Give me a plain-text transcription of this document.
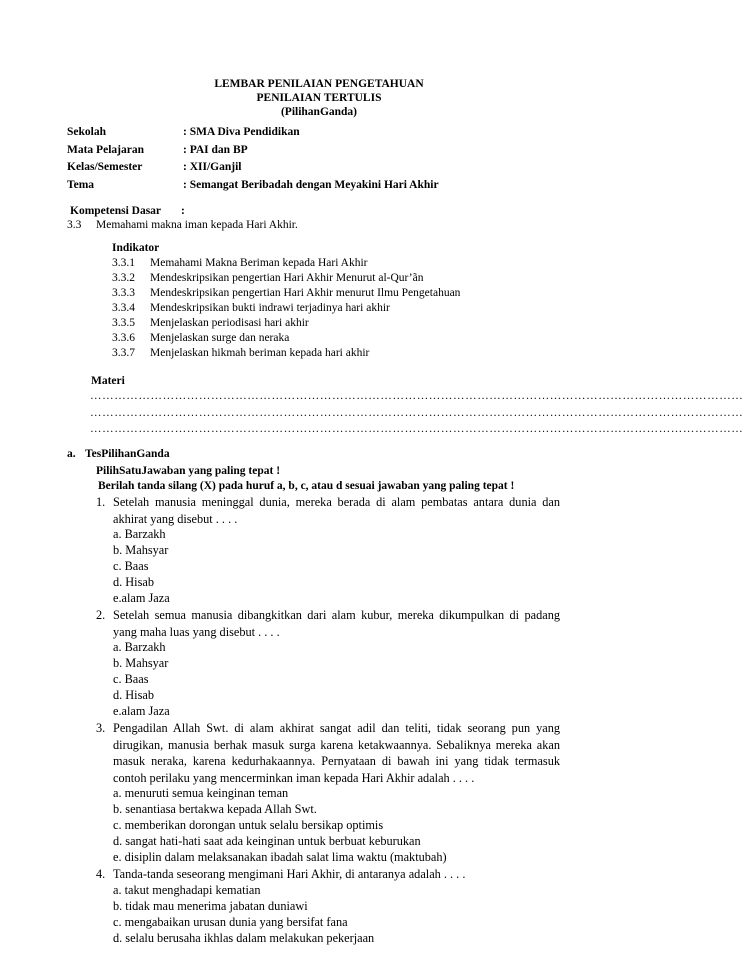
LEMBAR PENILAIAN PENGETAHUAN
PENILAIAN TERTULIS
(PilihanGanda)
Sekolah	: SMA Diva Pendidikan
Mata Pelajaran	: PAI dan BP
Kelas/Semester	: XII/Ganjil
Tema	: Semangat Beribadah dengan Meyakini Hari Akhir
Kompetensi Dasar :
3.3 Memahami makna iman kepada Hari Akhir.
Indikator
3.3.1 Memahami Makna Beriman kepada Hari Akhir
3.3.2 Mendeskripsikan pengertian Hari Akhir Menurut al-Qur’ãn
3.3.3 Mendeskripsikan pengertian Hari Akhir menurut Ilmu Pengetahuan
3.3.4 Mendeskripsikan bukti indrawi terjadinya hari akhir
3.3.5 Menjelaskan periodisasi hari akhir
3.3.6 Menjelaskan surge dan neraka
3.3.7 Menjelaskan hikmah beriman kepada hari akhir
Materi
………………………………………………………………………………………………………………………………………………
………………………………………………………………………………………………………………………………………………
………………………………………………………………………………………………………………………………………………
a. TesPilihanGanda
PilihSatuJawaban yang paling tepat !
Berilah tanda silang (X) pada huruf a, b, c, atau d sesuai jawaban yang paling tepat !
1. Setelah manusia meninggal dunia, mereka berada di alam pembatas antara dunia dan akhirat yang disebut . . . .
a. Barzakh
b. Mahsyar
c. Baas
d. Hisab
e.alam Jaza
2. Setelah semua manusia dibangkitkan dari alam kubur, mereka dikumpulkan di padang yang maha luas yang disebut . . . .
a. Barzakh
b. Mahsyar
c. Baas
d. Hisab
e.alam Jaza
3. Pengadilan Allah Swt. di alam akhirat sangat adil dan teliti, tidak seorang pun yang dirugikan, manusia berhak masuk surga karena ketakwaannya. Sebaliknya mereka akan masuk neraka, karena kedurhakaannya. Pernyataan di bawah ini yang tidak termasuk contoh perilaku yang mencerminkan iman kepada Hari Akhir adalah . . . .
a. menuruti semua keinginan teman
b. senantiasa bertakwa kepada Allah Swt.
c. memberikan dorongan untuk selalu bersikap optimis
d. sangat hati-hati saat ada keinginan untuk berbuat keburukan
e. disiplin dalam melaksanakan ibadah salat lima waktu (maktubah)
4. Tanda-tanda seseorang mengimani Hari Akhir, di antaranya adalah . . . .
a. takut menghadapi kematian
b. tidak mau menerima jabatan duniawi
c. mengabaikan urusan dunia yang bersifat fana
d. selalu berusaha ikhlas dalam melakukan pekerjaan
